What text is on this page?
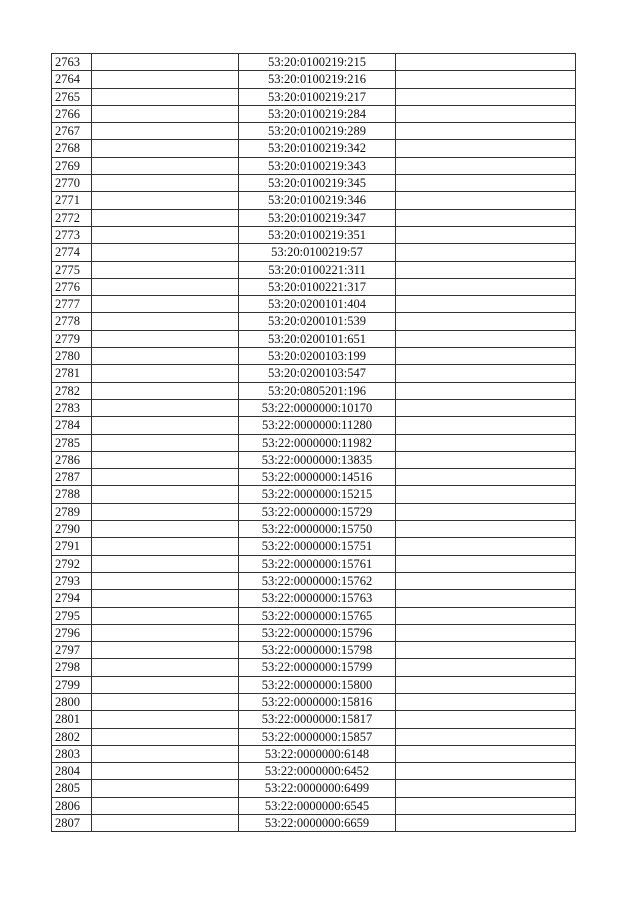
2763		53:20:0100219:215	
2764		53:20:0100219:216	
2765		53:20:0100219:217	
2766		53:20:0100219:284	
2767		53:20:0100219:289	
2768		53:20:0100219:342	
2769		53:20:0100219:343	
2770		53:20:0100219:345	
2771		53:20:0100219:346	
2772		53:20:0100219:347	
2773		53:20:0100219:351	
2774		53:20:0100219:57	
2775		53:20:0100221:311	
2776		53:20:0100221:317	
2777		53:20:0200101:404	
2778		53:20:0200101:539	
2779		53:20:0200101:651	
2780		53:20:0200103:199	
2781		53:20:0200103:547	
2782		53:20:0805201:196	
2783		53:22:0000000:10170	
2784		53:22:0000000:11280	
2785		53:22:0000000:11982	
2786		53:22:0000000:13835	
2787		53:22:0000000:14516	
2788		53:22:0000000:15215	
2789		53:22:0000000:15729	
2790		53:22:0000000:15750	
2791		53:22:0000000:15751	
2792		53:22:0000000:15761	
2793		53:22:0000000:15762	
2794		53:22:0000000:15763	
2795		53:22:0000000:15765	
2796		53:22:0000000:15796	
2797		53:22:0000000:15798	
2798		53:22:0000000:15799	
2799		53:22:0000000:15800	
2800		53:22:0000000:15816	
2801		53:22:0000000:15817	
2802		53:22:0000000:15857	
2803		53:22:0000000:6148	
2804		53:22:0000000:6452	
2805		53:22:0000000:6499	
2806		53:22:0000000:6545	
2807		53:22:0000000:6659	
